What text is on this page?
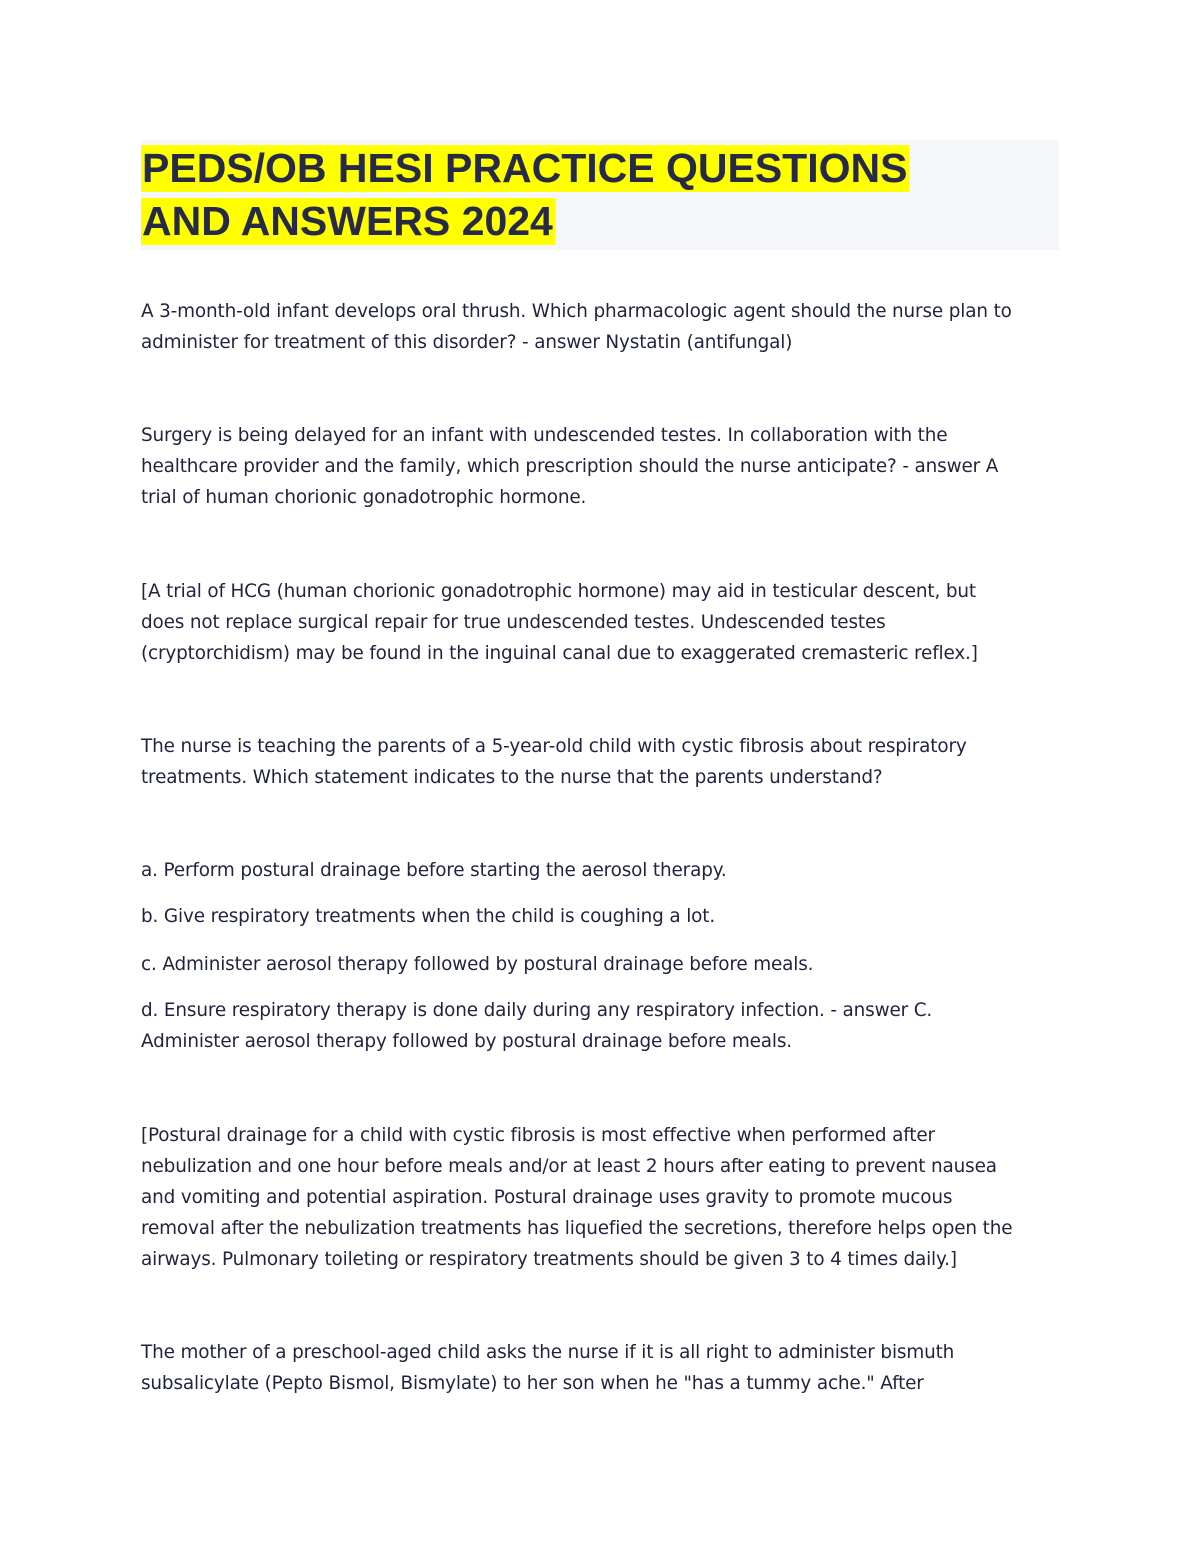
PEDS/OB HESI PRACTICE QUESTIONS
AND ANSWERS 2024

A 3-month-old infant develops oral thrush. Which pharmacologic agent should the nurse plan to
administer for treatment of this disorder? - answer Nystatin (antifungal)

Surgery is being delayed for an infant with undescended testes. In collaboration with the
healthcare provider and the family, which prescription should the nurse anticipate? - answer A
trial of human chorionic gonadotrophic hormone.

[A trial of HCG (human chorionic gonadotrophic hormone) may aid in testicular descent, but
does not replace surgical repair for true undescended testes. Undescended testes
(cryptorchidism) may be found in the inguinal canal due to exaggerated cremasteric reflex.]

The nurse is teaching the parents of a 5-year-old child with cystic fibrosis about respiratory
treatments. Which statement indicates to the nurse that the parents understand?

a. Perform postural drainage before starting the aerosol therapy.

b. Give respiratory treatments when the child is coughing a lot.

c. Administer aerosol therapy followed by postural drainage before meals.

d. Ensure respiratory therapy is done daily during any respiratory infection. - answer C.
Administer aerosol therapy followed by postural drainage before meals.

[Postural drainage for a child with cystic fibrosis is most effective when performed after
nebulization and one hour before meals and/or at least 2 hours after eating to prevent nausea
and vomiting and potential aspiration. Postural drainage uses gravity to promote mucous
removal after the nebulization treatments has liquefied the secretions, therefore helps open the
airways. Pulmonary toileting or respiratory treatments should be given 3 to 4 times daily.]

The mother of a preschool-aged child asks the nurse if it is all right to administer bismuth
subsalicylate (Pepto Bismol, Bismylate) to her son when he "has a tummy ache." After
